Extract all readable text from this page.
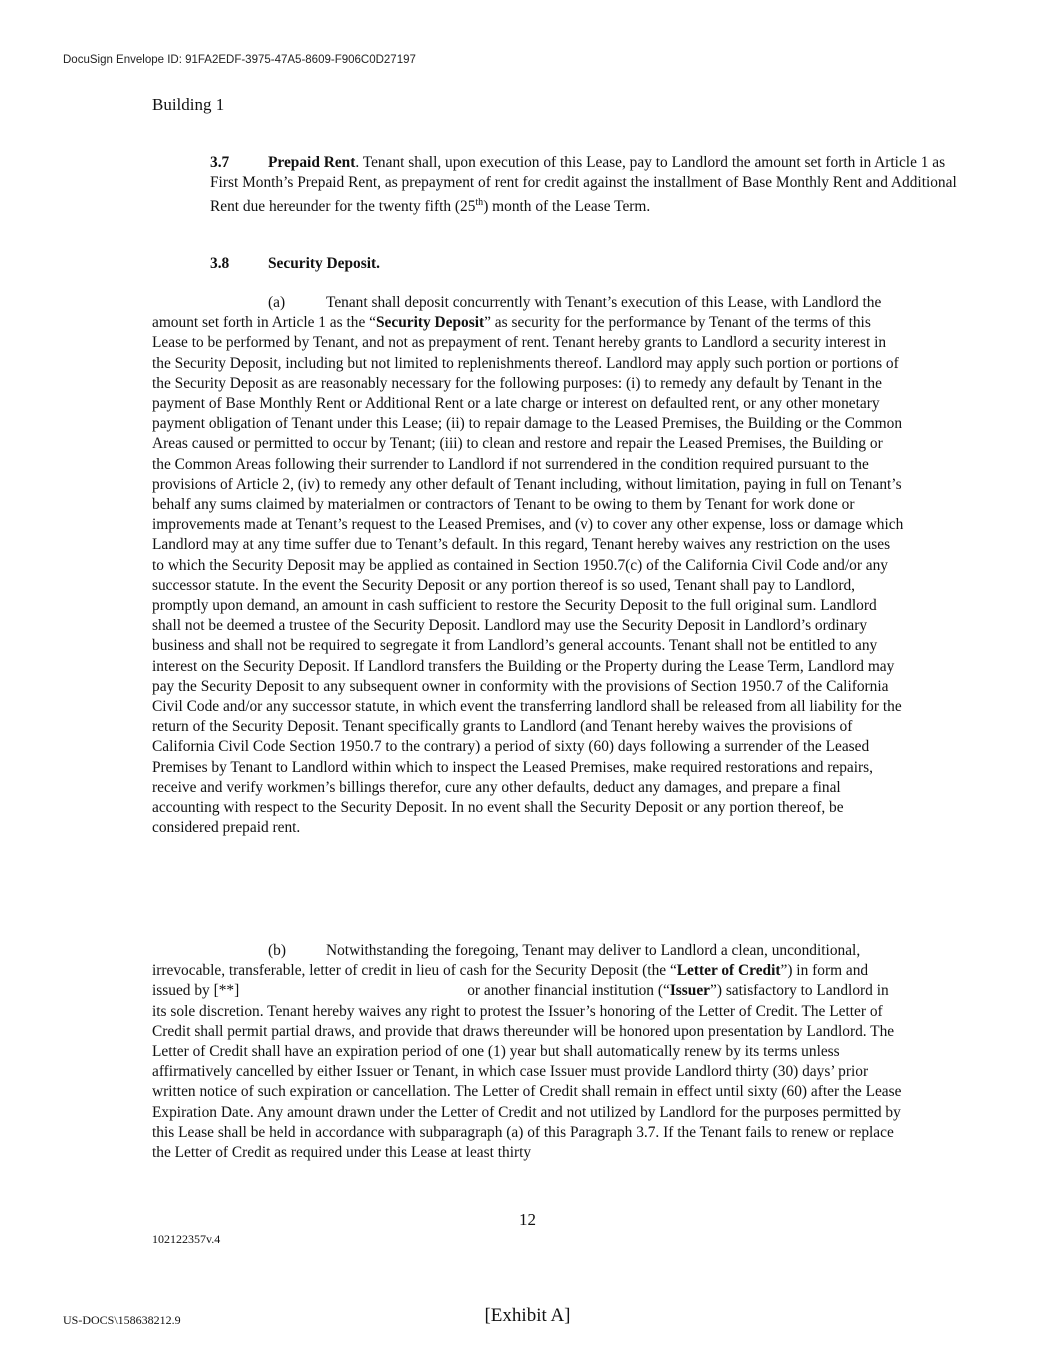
DocuSign Envelope ID: 91FA2EDF-3975-47A5-8609-F906C0D27197
Building 1
3.7	Prepaid Rent. Tenant shall, upon execution of this Lease, pay to Landlord the amount set forth in Article 1 as First Month’s Prepaid Rent, as prepayment of rent for credit against the installment of Base Monthly Rent and Additional Rent due hereunder for the twenty fifth (25th) month of the Lease Term.
3.8	Security Deposit.
(a)	Tenant shall deposit concurrently with Tenant’s execution of this Lease, with Landlord the amount set forth in Article 1 as the “Security Deposit” as security for the performance by Tenant of the terms of this Lease to be performed by Tenant, and not as prepayment of rent. Tenant hereby grants to Landlord a security interest in the Security Deposit, including but not limited to replenishments thereof. Landlord may apply such portion or portions of the Security Deposit as are reasonably necessary for the following purposes: (i) to remedy any default by Tenant in the payment of Base Monthly Rent or Additional Rent or a late charge or interest on defaulted rent, or any other monetary payment obligation of Tenant under this Lease; (ii) to repair damage to the Leased Premises, the Building or the Common Areas caused or permitted to occur by Tenant; (iii) to clean and restore and repair the Leased Premises, the Building or the Common Areas following their surrender to Landlord if not surrendered in the condition required pursuant to the provisions of Article 2, (iv) to remedy any other default of Tenant including, without limitation, paying in full on Tenant’s behalf any sums claimed by materialmen or contractors of Tenant to be owing to them by Tenant for work done or improvements made at Tenant’s request to the Leased Premises, and (v) to cover any other expense, loss or damage which Landlord may at any time suffer due to Tenant’s default. In this regard, Tenant hereby waives any restriction on the uses to which the Security Deposit may be applied as contained in Section 1950.7(c) of the California Civil Code and/or any successor statute. In the event the Security Deposit or any portion thereof is so used, Tenant shall pay to Landlord, promptly upon demand, an amount in cash sufficient to restore the Security Deposit to the full original sum. Landlord shall not be deemed a trustee of the Security Deposit. Landlord may use the Security Deposit in Landlord’s ordinary business and shall not be required to segregate it from Landlord’s general accounts. Tenant shall not be entitled to any interest on the Security Deposit. If Landlord transfers the Building or the Property during the Lease Term, Landlord may pay the Security Deposit to any subsequent owner in conformity with the provisions of Section 1950.7 of the California Civil Code and/or any successor statute, in which event the transferring landlord shall be released from all liability for the return of the Security Deposit. Tenant specifically grants to Landlord (and Tenant hereby waives the provisions of California Civil Code Section 1950.7 to the contrary) a period of sixty (60) days following a surrender of the Leased Premises by Tenant to Landlord within which to inspect the Leased Premises, make required restorations and repairs, receive and verify workmen’s billings therefor, cure any other defaults, deduct any damages, and prepare a final accounting with respect to the Security Deposit. In no event shall the Security Deposit or any portion thereof, be considered prepaid rent.
(b)	Notwithstanding the foregoing, Tenant may deliver to Landlord a clean, unconditional, irrevocable, transferable, letter of credit in lieu of cash for the Security Deposit (the “Letter of Credit”) in form and issued by [**]	or another financial institution (“Issuer”) satisfactory to Landlord in its sole discretion. Tenant hereby waives any right to protest the Issuer’s honoring of the Letter of Credit. The Letter of Credit shall permit partial draws, and provide that draws thereunder will be honored upon presentation by Landlord. The Letter of Credit shall have an expiration period of one (1) year but shall automatically renew by its terms unless affirmatively cancelled by either Issuer or Tenant, in which case Issuer must provide Landlord thirty (30) days’ prior written notice of such expiration or cancellation. The Letter of Credit shall remain in effect until sixty (60) after the Lease Expiration Date. Any amount drawn under the Letter of Credit and not utilized by Landlord for the purposes permitted by this Lease shall be held in accordance with subparagraph (a) of this Paragraph 3.7. If the Tenant fails to renew or replace the Letter of Credit as required under this Lease at least thirty
12
102122357v.4
US-DOCS\158638212.9	[Exhibit A]
